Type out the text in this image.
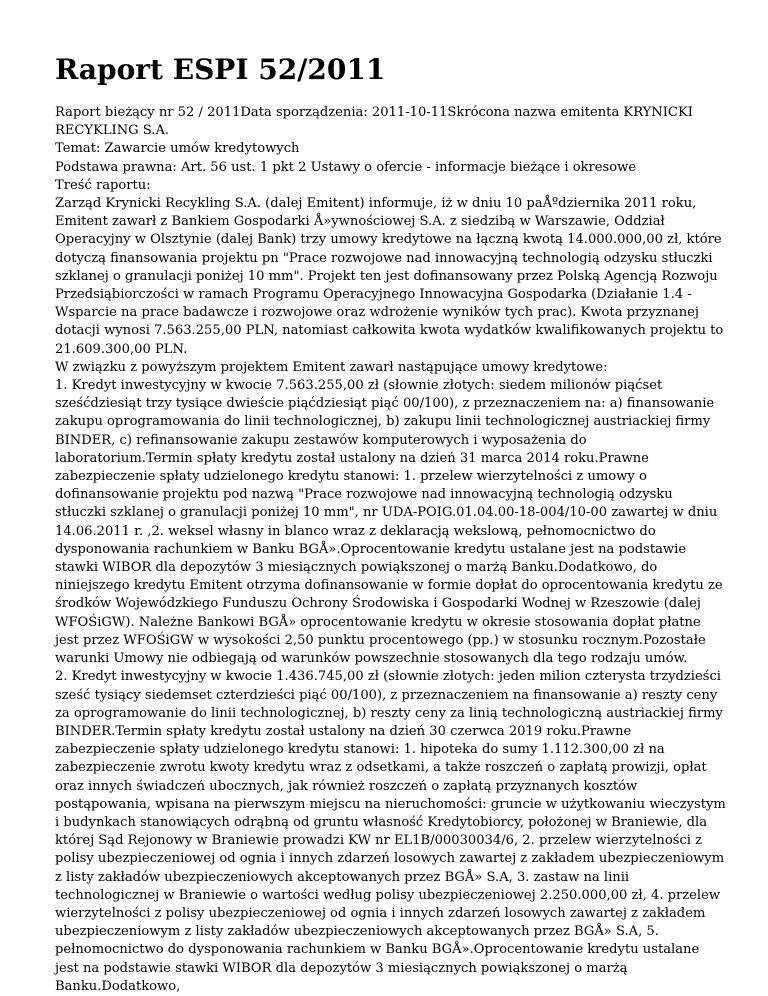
Raport ESPI 52/2011

Raport bieżący nr 52 / 2011Data sporządzenia: 2011-10-11Skrócona nazwa emitenta KRYNICKI RECYKLING S.A.

Temat: Zawarcie umów kredytowych

Podstawa prawna: Art. 56 ust. 1 pkt 2 Ustawy o ofercie - informacje bieżące i okresowe

Treść raportu:

Zarząd Krynicki Recykling S.A. (dalej Emitent) informuje, iż w dniu 10 paÅºdziernika 2011 roku, Emitent zawarł z Bankiem Gospodarki Å»ywnościowej S.A. z siedzibą w Warszawie, Oddział Operacyjny w Olsztynie (dalej Bank) trzy umowy kredytowe na łączną kwotą 14.000.000,00 zł, które dotyczą finansowania projektu pn "Prace rozwojowe nad innowacyjną technologią odzysku stłuczki szklanej o granulacji poniżej 10 mm". Projekt ten jest dofinansowany przez Polską Agencją Rozwoju Przedsiąbiorczości w ramach Programu Operacyjnego Innowacyjna Gospodarka (Działanie 1.4 - Wsparcie na prace badawcze i rozwojowe oraz wdrożenie wyników tych prac). Kwota przyznanej dotacji wynosi 7.563.255,00 PLN, natomiast całkowita kwota wydatków kwalifikowanych projektu to 21.609.300,00 PLN.

W związku z powyższym projektem Emitent zawarł nastąpujące umowy kredytowe:

1. Kredyt inwestycyjny w kwocie 7.563.255,00 zł (słownie złotych: siedem milionów piąćset sześćdziesiąt trzy tysiące dwieście piąćdziesiąt piąć 00/100), z przeznaczeniem na: a) finansowanie zakupu oprogramowania do linii technologicznej, b) zakupu linii technologicznej austriackiej firmy BINDER, c) refinansowanie zakupu zestawów komputerowych i wyposażenia do laboratorium.Termin spłaty kredytu został ustalony na dzień 31 marca 2014 roku.Prawne zabezpieczenie spłaty udzielonego kredytu stanowi: 1. przelew wierzytelności z umowy o dofinansowanie projektu pod nazwą "Prace rozwojowe nad innowacyjną technologią odzysku stłuczki szklanej o granulacji poniżej 10 mm", nr UDA-POIG.01.04.00-18-004/10-00 zawartej w dniu 14.06.2011 r. ,2. weksel własny in blanco wraz z deklaracją wekslową, pełnomocnictwo do dysponowania rachunkiem w Banku BGÅ».Oprocentowanie kredytu ustalane jest na podstawie stawki WIBOR dla depozytów 3 miesiącznych powiąkszonej o marżą Banku.Dodatkowo, do niniejszego kredytu Emitent otrzyma dofinansowanie w formie dopłat do oprocentowania kredytu ze środków Wojewódzkiego Funduszu Ochrony Środowiska i Gospodarki Wodnej w Rzeszowie (dalej WFOŚiGW). Należne Bankowi BGÅ» oprocentowanie kredytu w okresie stosowania dopłat płatne jest przez WFOŚiGW w wysokości 2,50 punktu procentowego (pp.) w stosunku rocznym.Pozostałe warunki Umowy nie odbiegają od warunków powszechnie stosowanych dla tego rodzaju umów.

2. Kredyt inwestycyjny w kwocie 1.436.745,00 zł (słownie złotych: jeden milion czterysta trzydzieści sześć tysiący siedemset czterdzieści piąć 00/100), z przeznaczeniem na finansowanie a) reszty ceny za oprogramowanie do linii technologicznej, b) reszty ceny za linią technologiczną austriackiej firmy BINDER.Termin spłaty kredytu został ustalony na dzień 30 czerwca 2019 roku.Prawne zabezpieczenie spłaty udzielonego kredytu stanowi: 1. hipoteka do sumy 1.112.300,00 zł na zabezpieczenie zwrotu kwoty kredytu wraz z odsetkami, a także roszczeń o zapłatą prowizji, opłat oraz innych świadczeń ubocznych, jak również roszczeń o zapłatą przyznanych kosztów postąpowania, wpisana na pierwszym miejscu na nieruchomości: gruncie w użytkowaniu wieczystym i budynkach stanowiących odrąbną od gruntu własność Kredytobiorcy, położonej w Braniewie, dla której Sąd Rejonowy w Braniewie prowadzi KW nr EL1B/00030034/6, 2. przelew wierzytelności z polisy ubezpieczeniowej od ognia i innych zdarzeń losowych zawartej z zakładem ubezpieczeniowym z listy zakładów ubezpieczeniowych akceptowanych przez BGÅ» S.A, 3. zastaw na linii technologicznej w Braniewie o wartości według polisy ubezpieczeniowej 2.250.000,00 zł, 4. przelew wierzytelności z polisy ubezpieczeniowej od ognia i innych zdarzeń losowych zawartej z zakładem ubezpieczeniowym z listy zakładów ubezpieczeniowych akceptowanych przez BGÅ» S.A, 5. pełnomocnictwo do dysponowania rachunkiem w Banku BGÅ».Oprocentowanie kredytu ustalane jest na podstawie stawki WIBOR dla depozytów 3 miesiącznych powiąkszonej o marżą Banku.Dodatkowo,
